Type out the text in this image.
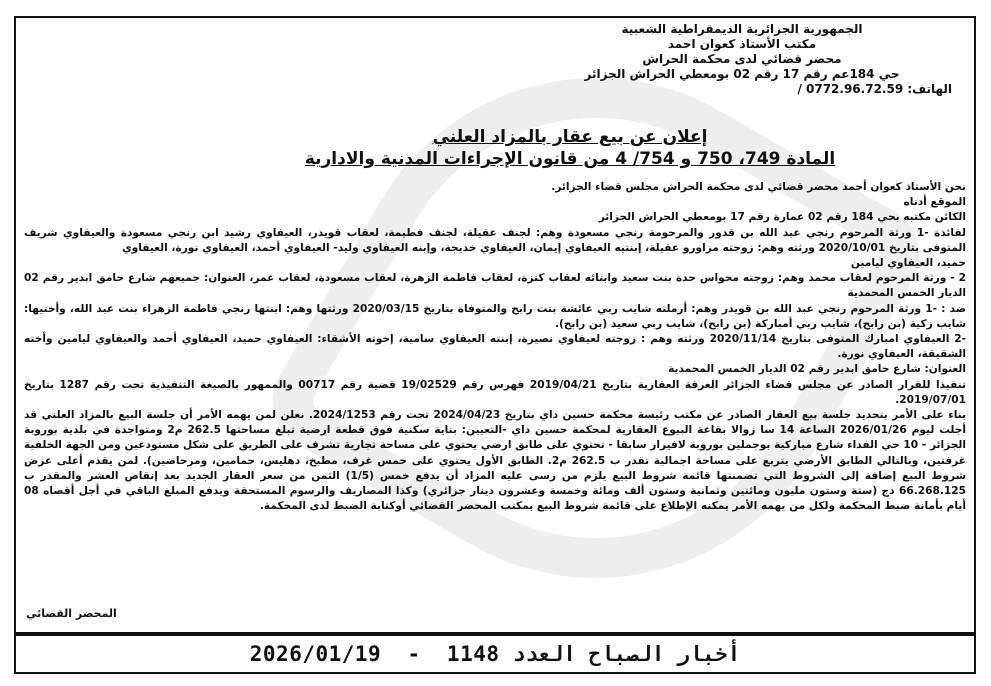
الجمهورية الجزائرية الديمقراطية الشعبية
مكتب الأستاذ كعوان احمد
محضر قضائي لدى محكمة الحراش
حي 184عم رقم 17 رقم 02 بومعطي الحراش الجزائر
الهاتف: 0772.96.72.59 /
إعلان عن بيع عقار بالمزاد العلني
المادة 749، 750 و 754/ 4 من قانون الإجراءات المدنية والادارية

نحن الأستاذ كعوان أحمد محضر قضائي لدى محكمة الحراش مجلس قضاء الجزائر.

الموقع أدناه

الكائن مكتبه بحي 184 رقم 02 عمارة رقم 17 بومعطي الحراش الجزائر

لفائدة -1 ورثة المرحوم رنجي عبد الله بن قدور والمرحومة رنجي مسعودة وهم: لجنف عقيلة، لجنف فطيمة، لعقاب قويدر، العيفاوي رشيد ابن رنجي مسعودة والعيفاوي شريف المتوفى بتاريخ 2020/10/01 ورثته وهم: زوجته مزاورو عقيلة، إبنتيه العيفاوي إيمان، العيفاوي خديجة، وإبنه العيفاوي وليد- العيفاوي أحمد، العيفاوي نورة، العيفاوي

حميد، العيفاوي ليامين

2 - ورثة المرحوم لعقاب محمد وهم: زوجته محواس حدة بنت سعيد وابنائه لعقاب كنزة، لعقاب فاطمة الزهرة، لعقاب مسعودة، لعقاب عمر، العنوان: جميعهم شارع حامق ابدير رقم 02 الديار الخمس المحمدية

ضد : -1 ورثة المرحوم رنجي عبد الله بن قويدر وهم: أرملته شايب ربي عائشة بنت رابح والمتوفاة بتاريخ 2020/03/15 ورثتها وهم: ابنتها رنجي فاطمة الزهراء بنت عبد الله، وأختيها: شايب زكية (بن رابح)، شايب ربي أمباركة (بن رابح)، شايب ربي سعيد (بن رابح).

-2 العيفاوي امبارك المتوفى بتاريخ 2020/11/14 ورثته وهم : زوجته لعيفاوي نصيرة، إبنته العيفاوي سامية، إخوته الأشقاء: العيفاوي حميد، العيفاوي أحمد والعيفاوي ليامين وأخته الشقيقة، العيفاوي نورة.

العنوان: شارع حامق ابدير رقم 02 الديار الخمس المحمدية

تنفيذا للقرار الصادر عن مجلس قضاء الجزائر الغرفة العقارية بتاريخ 2019/04/21 فهرس رقم 19/02529 قضية رقم 00717 والممهور بالصيغة التنفيذية تحت رقم 1287 بتاريخ 2019/07/01.

بناء على الأمر بتحديد جلسة بيع العقار الصادر عن مكتب رئيسة محكمة حسين داي بتاريخ 2024/04/23 تحت رقم 2024/1253. نعلن لمن يهمه الأمر أن جلسة البيع بالمزاد العلني قد أجلت ليوم 2026/01/26 الساعة 14 سا زوالا بقاعة البيوع العقارية لمحكمة حسين داي -التعيين: بناية سكنية فوق قطعة ارضية تبلغ مساحتها 262.5 م2 ومتواجدة في بلدية بوروبة الجزائر - 10 حي الفداء شارع مباركية بوجملين بوروبة لافيرار سابقا - تحتوي على طابق ارضي يحتوي على مساحة تجارية تشرف على الطريق على شكل مستودعين ومن الجهة الخلفية غرفتين، وبالتالي الطابق الأرضي يتربع على مساحة اجمالية تقدر ب 262.5 م2. الطابق الأول يحتوي على خمس غرف، مطبخ، دهليس، حمامين، ومرحاضين). لمن يقدم أعلى عرض شروط البيع إضافة إلى الشروط التي تضمنتها قائمة شروط البيع يلزم من رسى عليه المزاد أن يدفع خمس (1/5) الثمن من سعر العقار الجديد بعد إنقاص العشر والمقدر ب 66.268.125 دج (ستة وستون مليون ومائتين وثمانية وستون ألف ومائة وخمسة وعشرون دينار جزائري) وكذا المصاريف والرسوم المستحقة ويدفع المبلغ الباقي في أجل أقصاه 08 أيام بأمانة ضبط المحكمة ولكل من يهمه الأمر يمكنه الإطلاع على قائمة شروط البيع بمكتب المحضر القضائي أوكتابة الضبط لدى المحكمة.

المحضر القضائي
2026/01/19 - 1148
أخبار الصباح العدد
